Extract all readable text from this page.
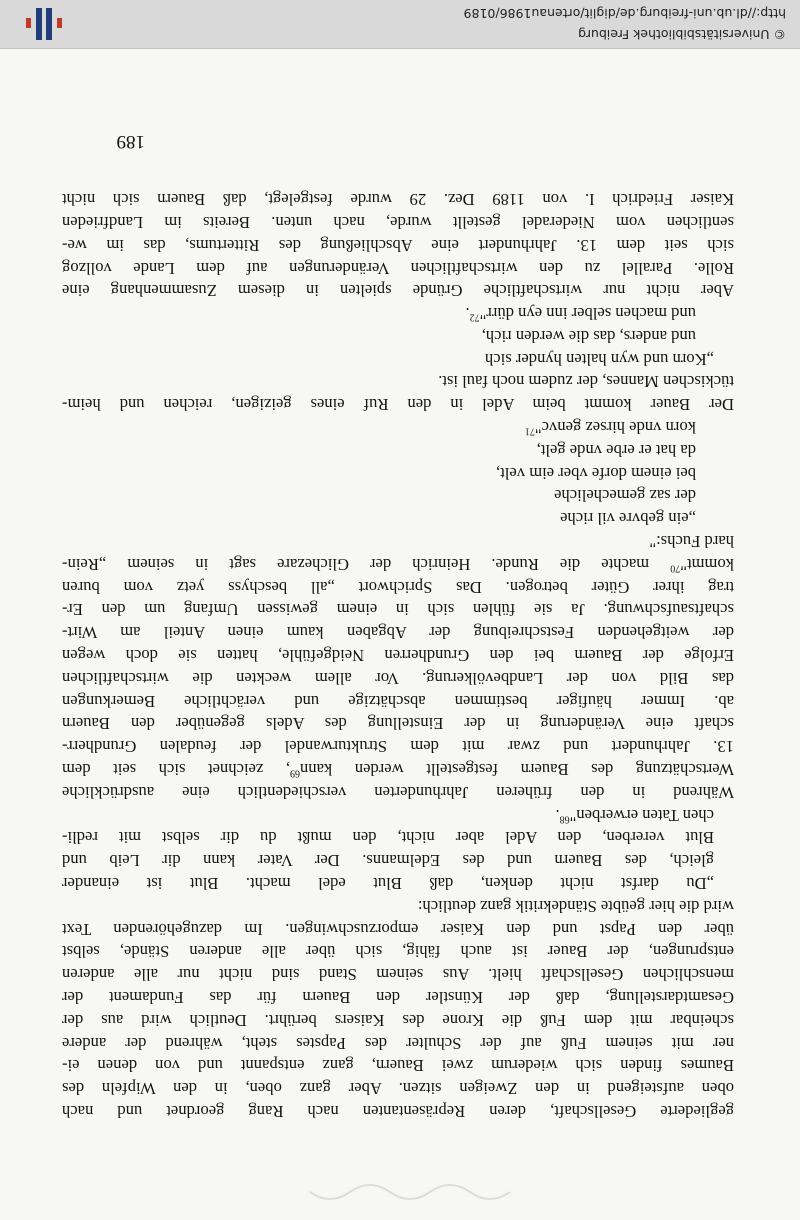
gegliederte Gesellschaft, deren Repräsentanten nach Rang geordnet und nach
oben aufsteigend in den Zweigen sitzen. Aber ganz oben, in den Wipfeln des
Baumes finden sich wiederum zwei Bauern, ganz entspannt und von denen ei-
ner mit seinem Fuß auf der Schulter des Papstes steht, während der andere
scheinbar mit dem Fuß die Krone des Kaisers berührt. Deutlich wird aus der
Gesamtdarstellung, daß der Künstler den Bauern für das Fundament der
menschlichen Gesellschaft hielt. Aus seinem Stand sind nicht nur alle anderen
entsprungen, der Bauer ist auch fähig, sich über alle anderen Stände, selbst
über den Papst und den Kaiser emporzuschwingen. Im dazugehörenden Text
wird die hier geübte Ständekritik ganz deutlich:
„Du darfst nicht denken, daß Blut edel macht. Blut ist einander
gleich, des Bauern und des Edelmanns. Der Vater kann dir Leib und
Blut vererben, den Adel aber nicht, den mußt du dir selbst mit redli-
chen Taten erwerben"$^{68}$.
Während in den früheren Jahrhunderten verschiedentlich eine ausdrückliche
Wertschätzung des Bauern festgestellt werden kann$^{69}$, zeichnet sich seit dem
13. Jahrhundert und zwar mit dem Strukturwandel der feudalen Grundherr-
schaft eine Veränderung in der Einstellung des Adels gegenüber den Bauern
ab. Immer häufiger bestimmen abschätzige und verächtliche Bemerkungen
das Bild von der Landbevölkerung. Vor allem weckten die wirtschaftlichen
Erfolge der Bauern bei den Grundherren Neidgefühle, hatten sie doch wegen
der weitgehenden Festschreibung der Abgaben kaum einen Anteil am Wirt-
schaftsaufschwung. Ja sie fühlen sich in einem gewissen Umfang um den Er-
trag ihrer Güter betrogen. Das Sprichwort „all beschyss yetz vom buren
kommt"$^{70}$ machte die Runde. Heinrich der Glichezare sagt in seinem „Rein-
hard Fuchs:"
„ein gebvre vil riche
der saz gemecheliche
bei einem dorfe vber eim velt,
da hat er erbe vnde gelt,
korn vnde hirsez genvc"$^{71}$
Der Bauer kommt beim Adel in den Ruf eines geizigen, reichen und heim-
tückischen Mannes, der zudem noch faul ist.
„Korn und wyn halten hynder sich
und anders, das die werden rich,
und machen selber inn eyn dürr"$^{72}$.
Aber nicht nur wirtschaftliche Gründe spielten in diesem Zusammenhang eine
Rolle. Parallel zu den wirtschaftlichen Veränderungen auf dem Lande vollzog
sich seit dem 13. Jahrhundert eine Abschließung des Rittertums, das im we-
sentlichen vom Niederadel gestellt wurde, nach unten. Bereits im Landfrieden
Kaiser Friedrich I. von 1189 Dez. 29 wurde festgelegt, daß Bauern sich nicht
189
© Universitätsbibliothek Freiburg
http://dl.ub.uni-freiburg.de/diglit/ortenau1986/0189
